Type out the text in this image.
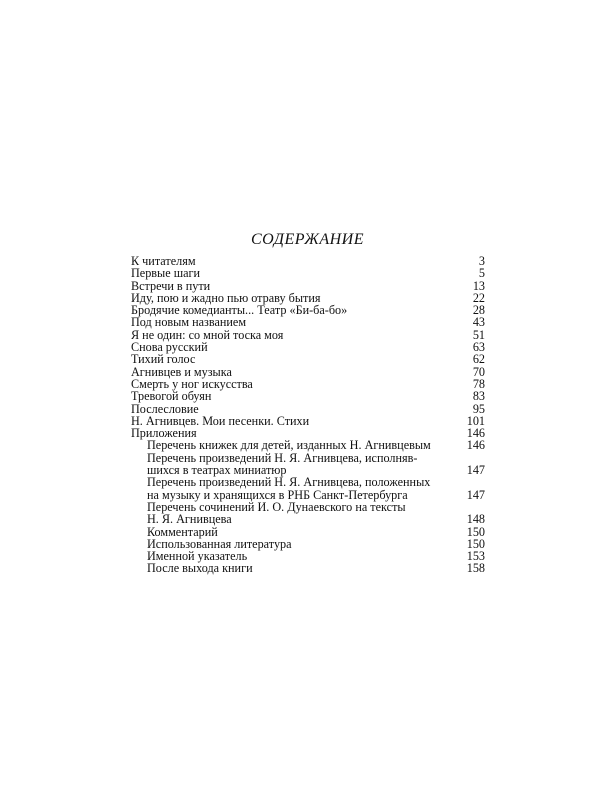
СОДЕРЖАНИЕ
К читателям	3
Первые шаги	5
Встречи в пути	13
Иду, пою и жадно пью отраву бытия	22
Бродячие комедианты... Театр «Би-ба-бо»	28
Под новым названием	43
Я не один: со мной тоска моя	51
Снова русский	63
Тихий голос	62
Агнивцев и музыка	70
Смерть у ног искусства	78
Тревогой обуян	83
Послесловие	95
Н. Агнивцев. Мои песенки. Стихи	101
Приложения	146
Перечень книжек для детей, изданных Н. Агнивцевым	146
Перечень произведений Н. Я. Агнивцева, исполняв-
шихся в театрах миниатюр	147
Перечень произведений Н. Я. Агнивцева, положенных
на музыку и хранящихся в РНБ Санкт-Петербурга	147
Перечень сочинений И. О. Дунаевского на тексты
Н. Я. Агнивцева	148
Комментарий	150
Использованная литература	150
Именной указатель	153
После выхода книги	158
